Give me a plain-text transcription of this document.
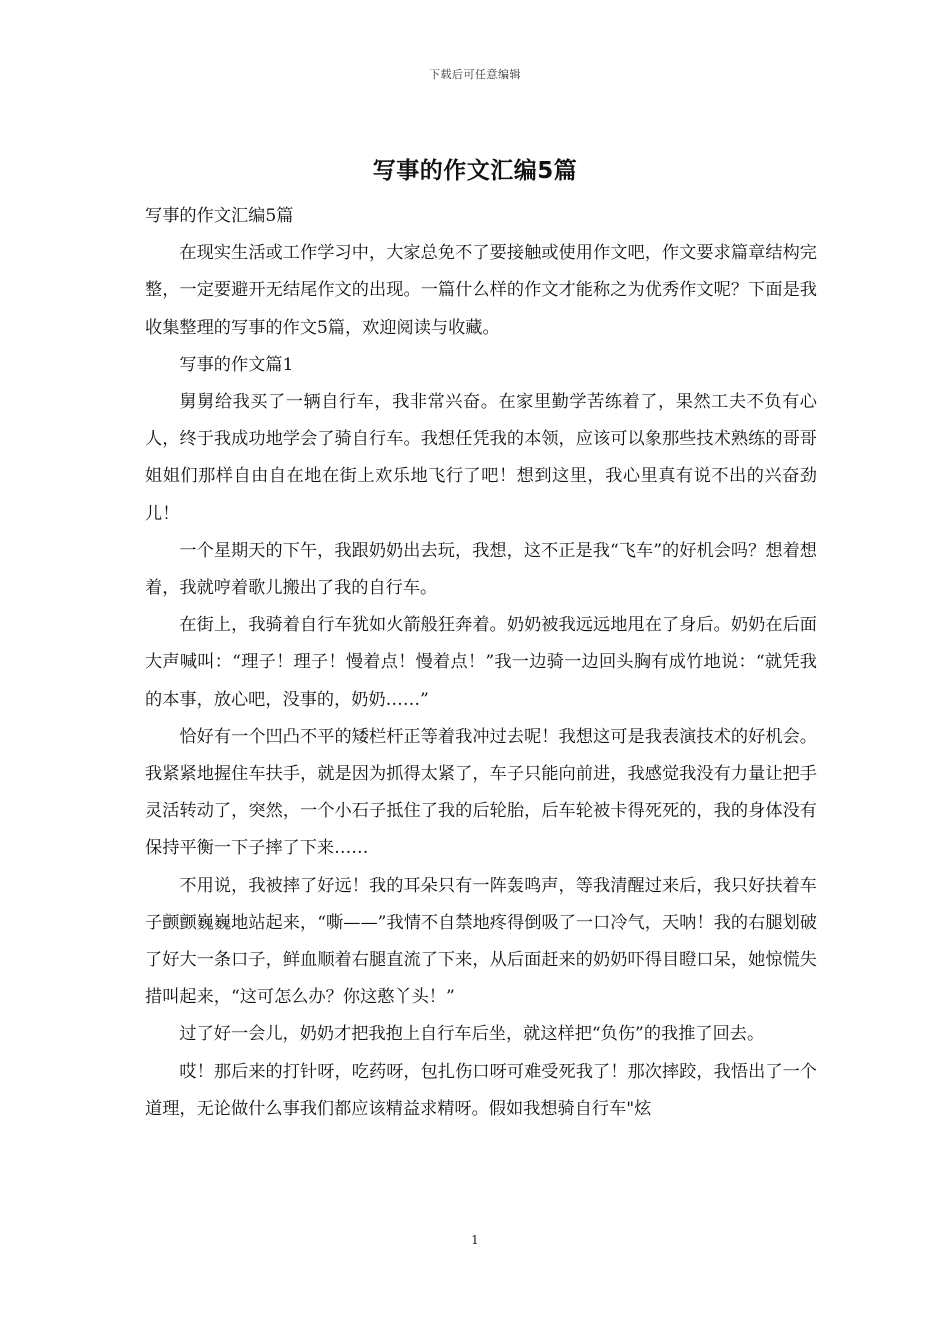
下载后可任意编辑
写事的作文汇编5篇

写事的作文汇编5篇

在现实生活或工作学习中，大家总免不了要接触或使用作文吧，作文要求篇章结构完整，一定要避开无结尾作文的出现。一篇什么样的作文才能称之为优秀作文呢？下面是我收集整理的写事的作文5篇，欢迎阅读与收藏。

写事的作文篇1

舅舅给我买了一辆自行车，我非常兴奋。在家里勤学苦练着了，果然工夫不负有心人，终于我成功地学会了骑自行车。我想任凭我的本领，应该可以象那些技术熟练的哥哥姐姐们那样自由自在地在街上欢乐地飞行了吧！想到这里，我心里真有说不出的兴奋劲儿！

一个星期天的下午，我跟奶奶出去玩，我想，这不正是我“飞车”的好机会吗？想着想着，我就哼着歌儿搬出了我的自行车。

在街上，我骑着自行车犹如火箭般狂奔着。奶奶被我远远地甩在了身后。奶奶在后面大声喊叫：“理子！理子！慢着点！慢着点！”我一边骑一边回头胸有成竹地说：“就凭我的本事，放心吧，没事的，奶奶……”

恰好有一个凹凸不平的矮栏杆正等着我冲过去呢！我想这可是我表演技术的好机会。我紧紧地握住车扶手，就是因为抓得太紧了，车子只能向前进，我感觉我没有力量让把手灵活转动了，突然，一个小石子抵住了我的后轮胎，后车轮被卡得死死的，我的身体没有保持平衡一下子摔了下来……

不用说，我被摔了好远！我的耳朵只有一阵轰鸣声，等我清醒过来后，我只好扶着车子颤颤巍巍地站起来，“嘶——”我情不自禁地疼得倒吸了一口冷气，天呐！我的右腿划破了好大一条口子，鲜血顺着右腿直流了下来，从后面赶来的奶奶吓得目瞪口呆，她惊慌失措叫起来，“这可怎么办？你这憨丫头！”

过了好一会儿，奶奶才把我抱上自行车后坐，就这样把“负伤”的我推了回去。

哎！那后来的打针呀，吃药呀，包扎伤口呀可难受死我了！那次摔跤，我悟出了一个道理，无论做什么事我们都应该精益求精呀。假如我想骑自行车"炫

1
